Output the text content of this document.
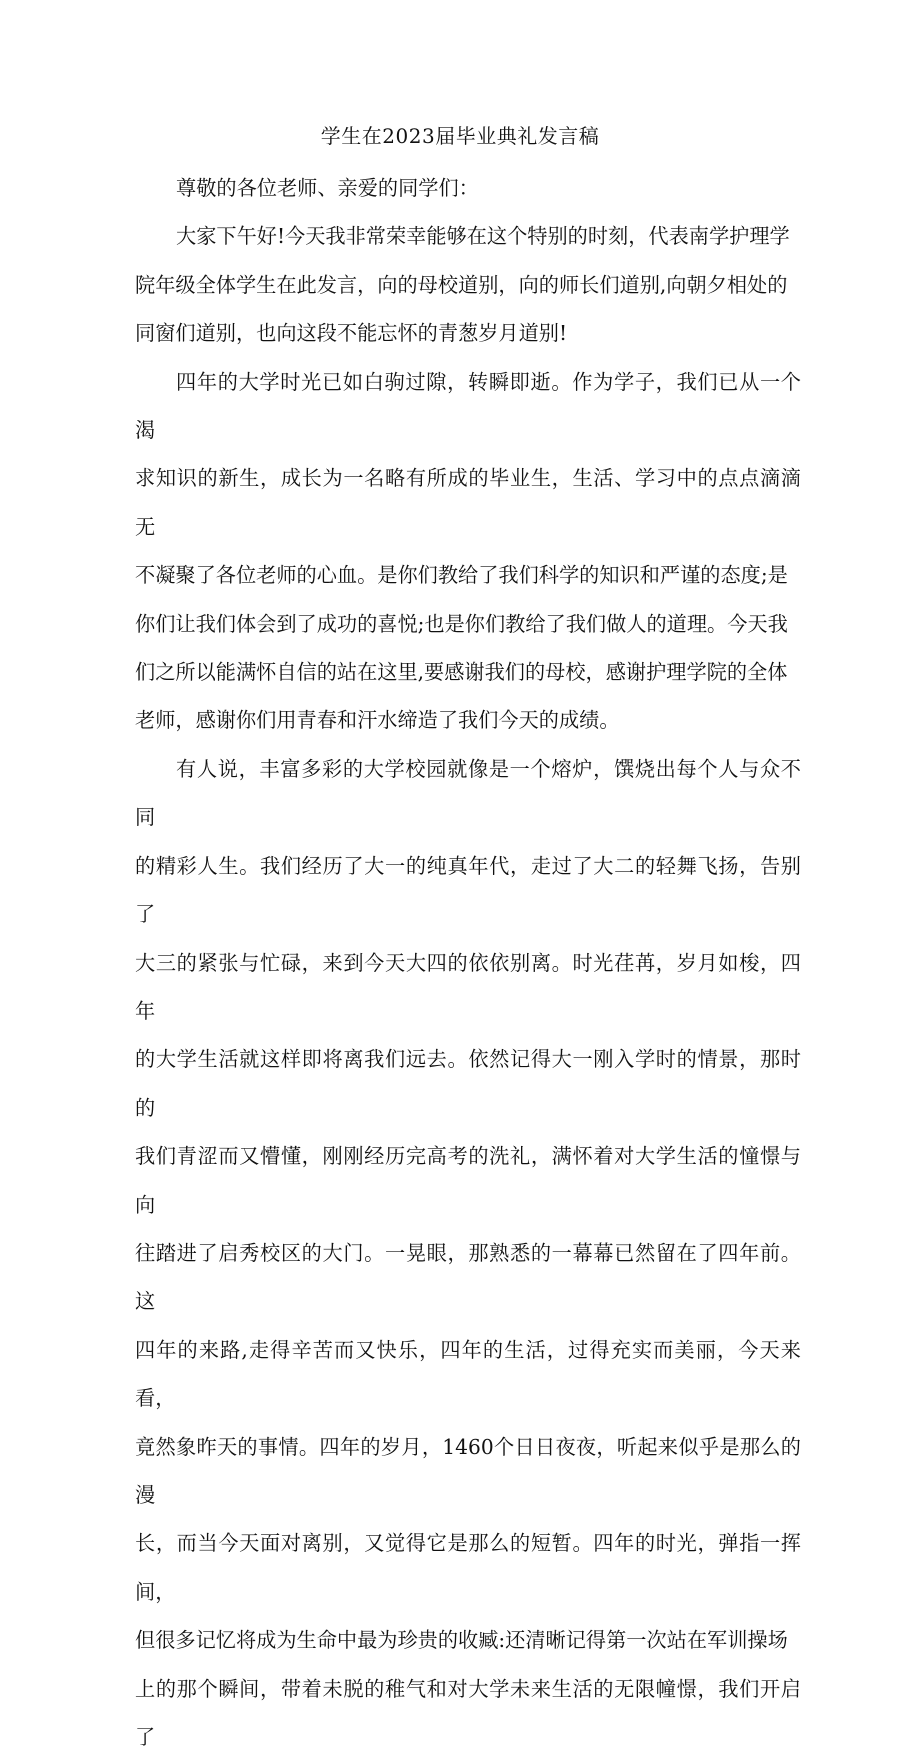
学生在2023届毕业典礼发言稿

尊敬的各位老师、亲爱的同学们：

大家下午好!今天我非常荣幸能够在这个特别的时刻，代表南学护理学
院年级全体学生在此发言，向的母校道别，向的师长们道别,向朝夕相处的
同窗们道别，也向这段不能忘怀的青葱岁月道别!

四年的大学时光已如白驹过隙，转瞬即逝。作为学子，我们已从一个渴
求知识的新生，成长为一名略有所成的毕业生，生活、学习中的点点滴滴无
不凝聚了各位老师的心血。是你们教给了我们科学的知识和严谨的态度;是
你们让我们体会到了成功的喜悦;也是你们教给了我们做人的道理。今天我
们之所以能满怀自信的站在这里,要感谢我们的母校，感谢护理学院的全体
老师，感谢你们用青春和汗水缔造了我们今天的成绩。

有人说，丰富多彩的大学校园就像是一个熔炉，馔烧出每个人与众不同
的精彩人生。我们经历了大一的纯真年代，走过了大二的轻舞飞扬，告别了
大三的紧张与忙碌，来到今天大四的依依别离。时光荏苒，岁月如梭，四年
的大学生活就这样即将离我们远去。依然记得大一刚入学时的情景，那时的
我们青涩而又懵懂，刚刚经历完高考的洗礼，满怀着对大学生活的憧憬与向
往踏进了启秀校区的大门。一晃眼，那熟悉的一幕幕已然留在了四年前。这
四年的来路,走得辛苦而又快乐，四年的生活，过得充实而美丽，今天来看，
竟然象昨天的事情。四年的岁月，1460个日日夜夜，听起来似乎是那么的漫
长，而当今天面对离别，又觉得它是那么的短暂。四年的时光，弹指一挥间，
但很多记忆将成为生命中最为珍贵的收臧:还清晰记得第一次站在军训操场
上的那个瞬间，带着未脱的稚气和对大学未来生活的无限幢憬，我们开启了
